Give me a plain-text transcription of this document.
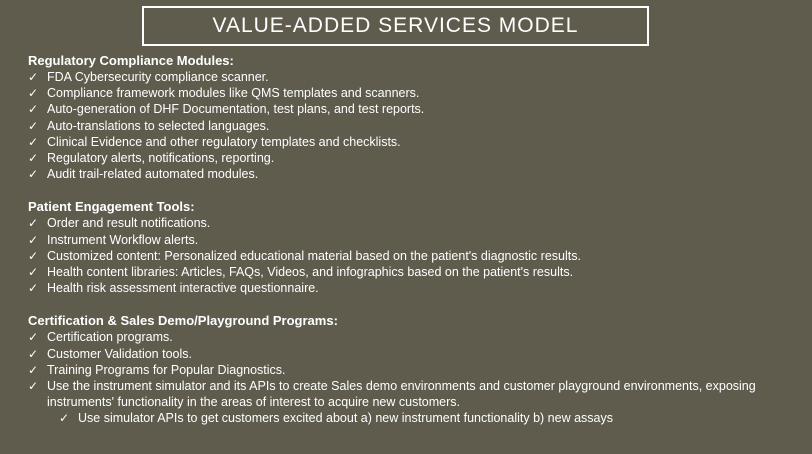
VALUE-ADDED SERVICES MODEL

Regulatory Compliance Modules:

✓ FDA Cybersecurity compliance scanner.
✓ Compliance framework modules like QMS templates and scanners.
✓ Auto-generation of DHF Documentation, test plans, and test reports.
✓ Auto-translations to selected languages.
✓ Clinical Evidence and other regulatory templates and checklists.
✓ Regulatory alerts, notifications, reporting.
✓ Audit trail-related automated modules.

Patient Engagement Tools:

✓ Order and result notifications.
✓ Instrument Workflow alerts.
✓ Customized content: Personalized educational material based on the patient's diagnostic results.
✓ Health content libraries: Articles, FAQs, Videos, and infographics based on the patient's results.
✓ Health risk assessment interactive questionnaire.

Certification & Sales Demo/Playground Programs:

✓ Certification programs.
✓ Customer Validation tools.
✓ Training Programs for Popular Diagnostics.
✓ Use the instrument simulator and its APIs to create Sales demo environments and customer playground environments, exposing instruments' functionality in the areas of interest to acquire new customers.
✓ Use simulator APIs to get customers excited about a) new instrument functionality b) new assays
